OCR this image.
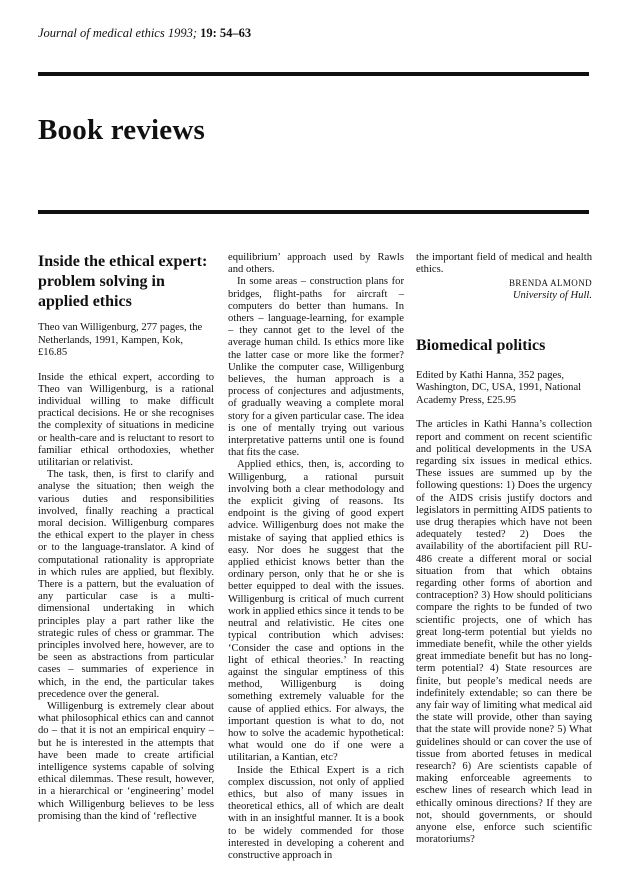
Journal of medical ethics 1993; 19: 54–63
Book reviews
Inside the ethical expert: problem solving in applied ethics

Theo van Willigenburg, 277 pages, the Netherlands, 1991, Kampen, Kok, £16.85

Inside the ethical expert, according to Theo van Willigenburg, is a rational individual willing to make difficult practical decisions. He or she recognises the complexity of situations in medicine or health-care and is reluctant to resort to familiar ethical orthodoxies, whether utilitarian or relativist.

The task, then, is first to clarify and analyse the situation; then weigh the various duties and responsibilities involved, finally reaching a practical moral decision. Willigenburg compares the ethical expert to the player in chess or to the language-translator. A kind of computational rationality is appropriate in which rules are applied, but flexibly. There is a pattern, but the evaluation of any particular case is a multi-dimensional undertaking in which principles play a part rather like the strategic rules of chess or grammar. The principles involved here, however, are to be seen as abstractions from particular cases – summaries of experience in which, in the end, the particular takes precedence over the general.

Willigenburg is extremely clear about what philosophical ethics can and cannot do – that it is not an empirical enquiry – but he is interested in the attempts that have been made to create artificial intelligence systems capable of solving ethical dilemmas. These result, however, in a hierarchical or ‘engineering’ model which Willigenburg believes to be less promising than the kind of ‘reflective

equilibrium’ approach used by Rawls and others.

In some areas – construction plans for bridges, flight-paths for aircraft – computers do better than humans. In others – language-learning, for example – they cannot get to the level of the average human child. Is ethics more like the latter case or more like the former? Unlike the computer case, Willigenburg believes, the human approach is a process of conjectures and adjustments, of gradually weaving a complete moral story for a given particular case. The idea is one of mentally trying out various interpretative patterns until one is found that fits the case.

Applied ethics, then, is, according to Willigenburg, a rational pursuit involving both a clear methodology and the explicit giving of reasons. Its endpoint is the giving of good expert advice. Willigenburg does not make the mistake of saying that applied ethics is easy. Nor does he suggest that the applied ethicist knows better than the ordinary person, only that he or she is better equipped to deal with the issues. Willigenburg is critical of much current work in applied ethics since it tends to be neutral and relativistic. He cites one typical contribution which advises: ‘Consider the case and options in the light of ethical theories.’ In reacting against the singular emptiness of this method, Willigenburg is doing something extremely valuable for the cause of applied ethics. For always, the important question is what to do, not how to solve the academic hypothetical: what would one do if one were a utilitarian, a Kantian, etc?

Inside the Ethical Expert is a rich complex discussion, not only of applied ethics, but also of many issues in theoretical ethics, all of which are dealt with in an insightful manner. It is a book to be widely commended for those interested in developing a coherent and constructive approach in

the important field of medical and health ethics.

BRENDA ALMOND
University of Hull.
Biomedical politics

Edited by Kathi Hanna, 352 pages, Washington, DC, USA, 1991, National Academy Press, £25.95

The articles in Kathi Hanna’s collection report and comment on recent scientific and political developments in the USA regarding six issues in medical ethics. These issues are summed up by the following questions: 1) Does the urgency of the AIDS crisis justify doctors and legislators in permitting AIDS patients to use drug therapies which have not been adequately tested? 2) Does the availability of the abortifacient pill RU-486 create a different moral or social situation from that which obtains regarding other forms of abortion and contraception? 3) How should politicians compare the rights to be funded of two scientific projects, one of which has great long-term potential but yields no immediate benefit, while the other yields great immediate benefit but has no long-term potential? 4) State resources are finite, but people’s medical needs are indefinitely extendable; so can there be any fair way of limiting what medical aid the state will provide, other than saying that the state will provide none? 5) What guidelines should or can cover the use of tissue from aborted fetuses in medical research? 6) Are scientists capable of making enforceable agreements to eschew lines of research which lead in ethically ominous directions? If they are not, should governments, or should anyone else, enforce such scientific moratoriums?
